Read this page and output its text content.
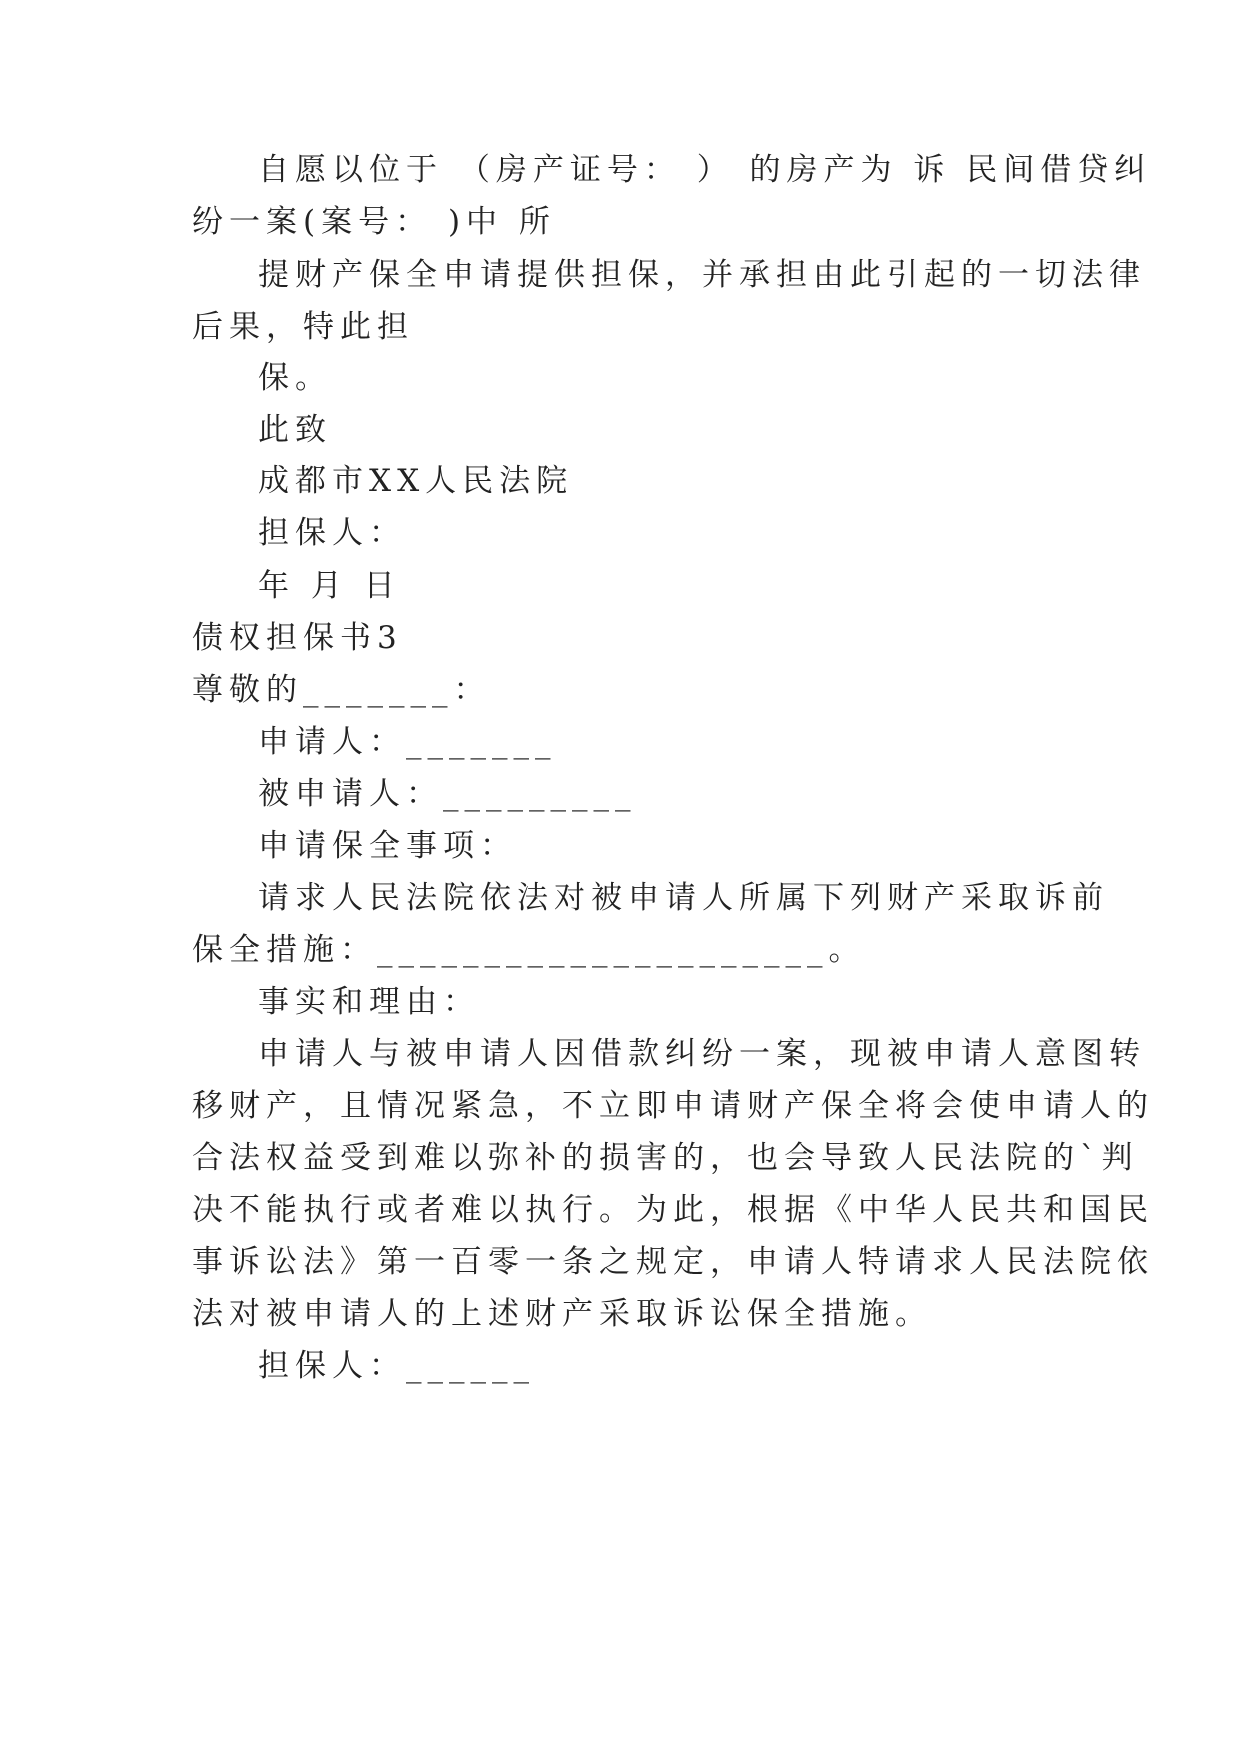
自愿以位于 （房产证号： ） 的房产为 诉 民间借贷纠
纷一案(案号： )中 所
提财产保全申请提供担保，并承担由此引起的一切法律
后果，特此担
保。
此致
成都市XX人民法院
担保人：
年 月 日
债权担保书3
尊敬的_______：
申请人：_______
被申请人：_________
申请保全事项：
请求人民法院依法对被申请人所属下列财产采取诉前
保全措施：_____________________。
事实和理由：
申请人与被申请人因借款纠纷一案，现被申请人意图转
移财产，且情况紧急，不立即申请财产保全将会使申请人的
合法权益受到难以弥补的损害的，也会导致人民法院的`判
决不能执行或者难以执行。为此，根据《中华人民共和国民
事诉讼法》第一百零一条之规定，申请人特请求人民法院依
法对被申请人的上述财产采取诉讼保全措施。
担保人：______
